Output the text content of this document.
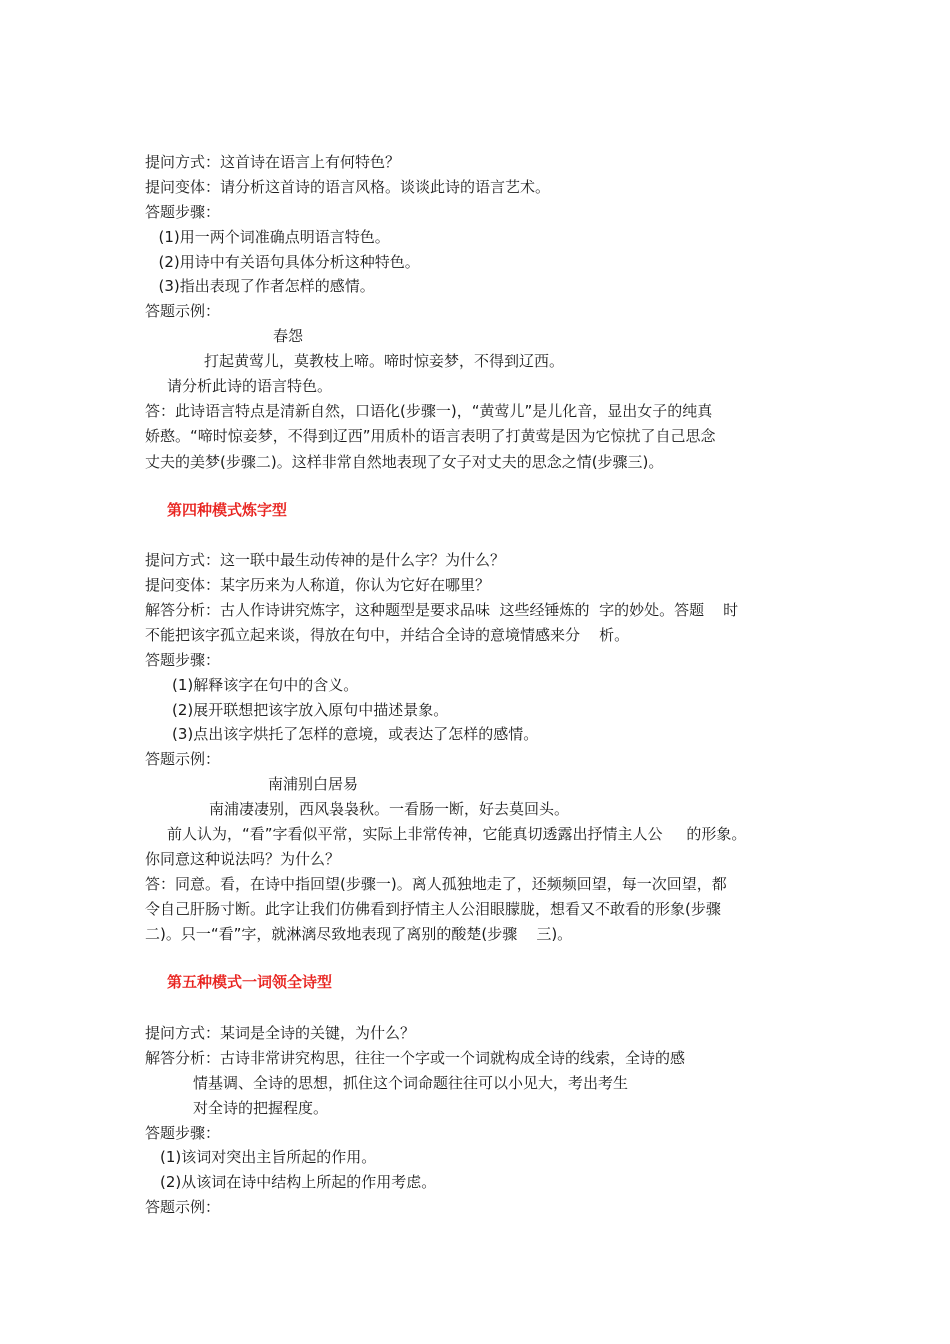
提问方式：这首诗在语言上有何特色？
提问变体：请分析这首诗的语言风格。谈谈此诗的语言艺术。
答题步骤：
(1)用一两个词准确点明语言特色。
(2)用诗中有关语句具体分析这种特色。
(3)指出表现了作者怎样的感情。
答题示例：
春怨
打起黄莺儿，莫教枝上啼。啼时惊妾梦，不得到辽西。
请分析此诗的语言特色。
答：此诗语言特点是清新自然，口语化(步骤一)，“黄莺儿”是儿化音，显出女子的纯真
娇憨。“啼时惊妾梦，不得到辽西”用质朴的语言表明了打黄莺是因为它惊扰了自己思念
丈夫的美梦(步骤二)。这样非常自然地表现了女子对丈夫的思念之情(步骤三)。
第四种模式炼字型
提问方式：这一联中最生动传神的是什么字？为什么？
提问变体：某字历来为人称道，你认为它好在哪里？
解答分析：古人作诗讲究炼字，这种题型是要求品味  这些经锤炼的  字的妙处。答题    时
不能把该字孤立起来谈，得放在句中，并结合全诗的意境情感来分    析。
答题步骤：
(1)解释该字在句中的含义。
(2)展开联想把该字放入原句中描述景象。
(3)点出该字烘托了怎样的意境，或表达了怎样的感情。
答题示例：
南浦别白居易
南浦凄凄别，西风袅袅秋。一看肠一断，好去莫回头。
前人认为，“看”字看似平常，实际上非常传神，它能真切透露出抒情主人公     的形象。
你同意这种说法吗？为什么？
答：同意。看，在诗中指回望(步骤一)。离人孤独地走了，还频频回望，每一次回望，都
令自己肝肠寸断。此字让我们仿佛看到抒情主人公泪眼朦胧，想看又不敢看的形象(步骤
二)。只一“看”字，就淋漓尽致地表现了离别的酸楚(步骤    三)。
第五种模式一词领全诗型
提问方式：某词是全诗的关键，为什么？
解答分析：古诗非常讲究构思，往往一个字或一个词就构成全诗的线索，全诗的感
情基调、全诗的思想，抓住这个词命题往往可以小见大，考出考生
对全诗的把握程度。
答题步骤：
(1)该词对突出主旨所起的作用。
(2)从该词在诗中结构上所起的作用考虑。
答题示例：
